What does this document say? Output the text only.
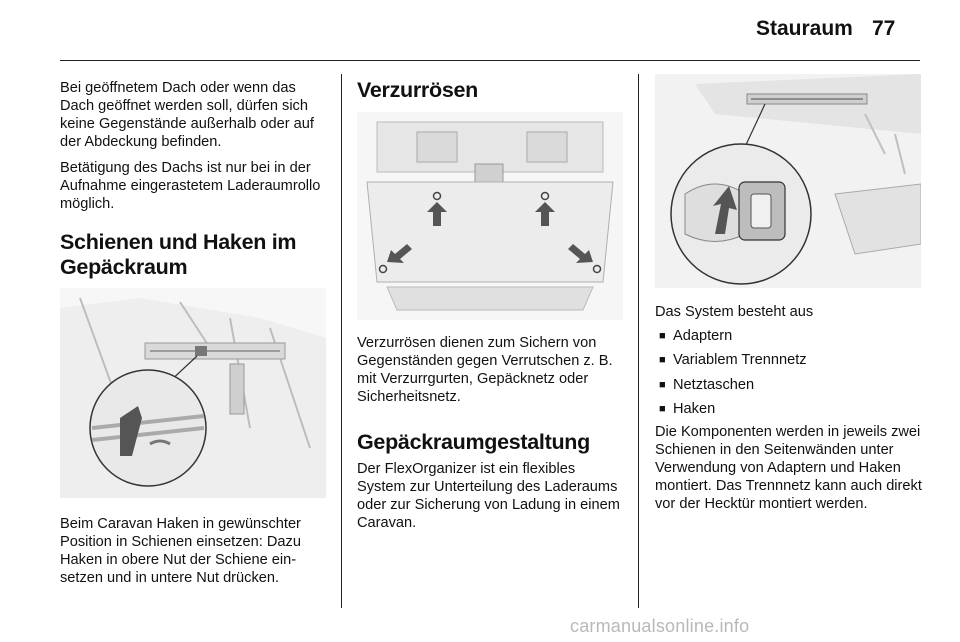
Stauraum 77

Bei geöffnetem Dach oder wenn das Dach geöffnet werden soll, dürfen sich keine Gegenstände außerhalb oder auf der Abdeckung befinden.

Betätigung des Dachs ist nur bei in der Aufnahme eingerastetem Laderaumrollo möglich.

Schienen und Haken im
Gepäckraum

Beim Caravan Haken in gewünschter Position in Schienen einsetzen: Dazu Haken in obere Nut der Schiene einsetzen und in untere Nut drücken.

Verzurrösen

Verzurrösen dienen zum Sichern von Gegenständen gegen Verrutschen z. B. mit Verzurrgurten, Gepäcknetz oder Sicherheitsnetz.

Gepäckraumgestaltung

Der FlexOrganizer ist ein flexibles System zur Unterteilung des Laderaums oder zur Sicherung von Ladung in einem Caravan.

Das System besteht aus

■ Adaptern
■ Variablem Trennnetz
■ Netztaschen
■ Haken

Die Komponenten werden in jeweils zwei Schienen in den Seitenwänden unter Verwendung von Adaptern und Haken montiert. Das Trennnetz kann auch direkt vor der Hecktür montiert werden.

carmanualsonline.info
